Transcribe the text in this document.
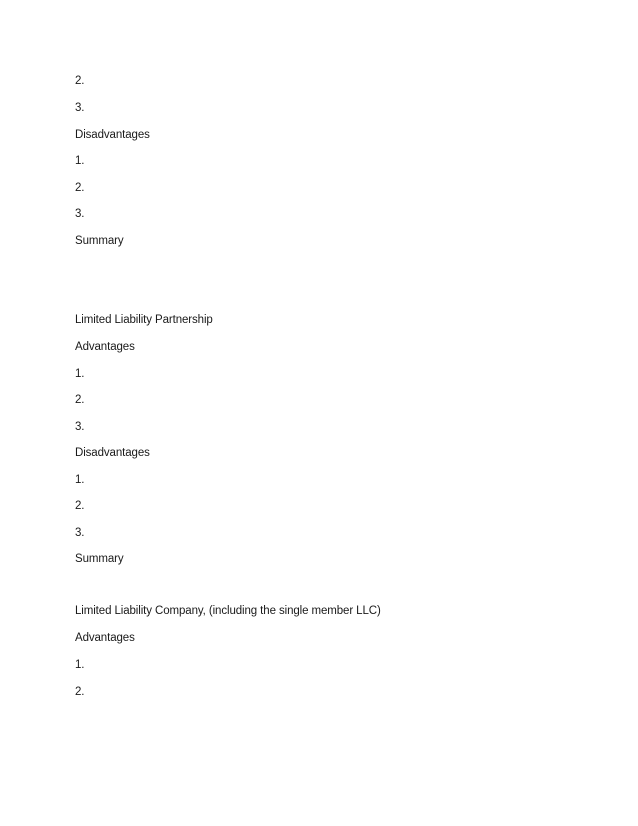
2.
3.
Disadvantages
1.
2.
3.
Summary
Limited Liability Partnership
Advantages
1.
2.
3.
Disadvantages
1.
2.
3.
Summary
Limited Liability Company, (including the single member LLC)
Advantages
1.
2.
